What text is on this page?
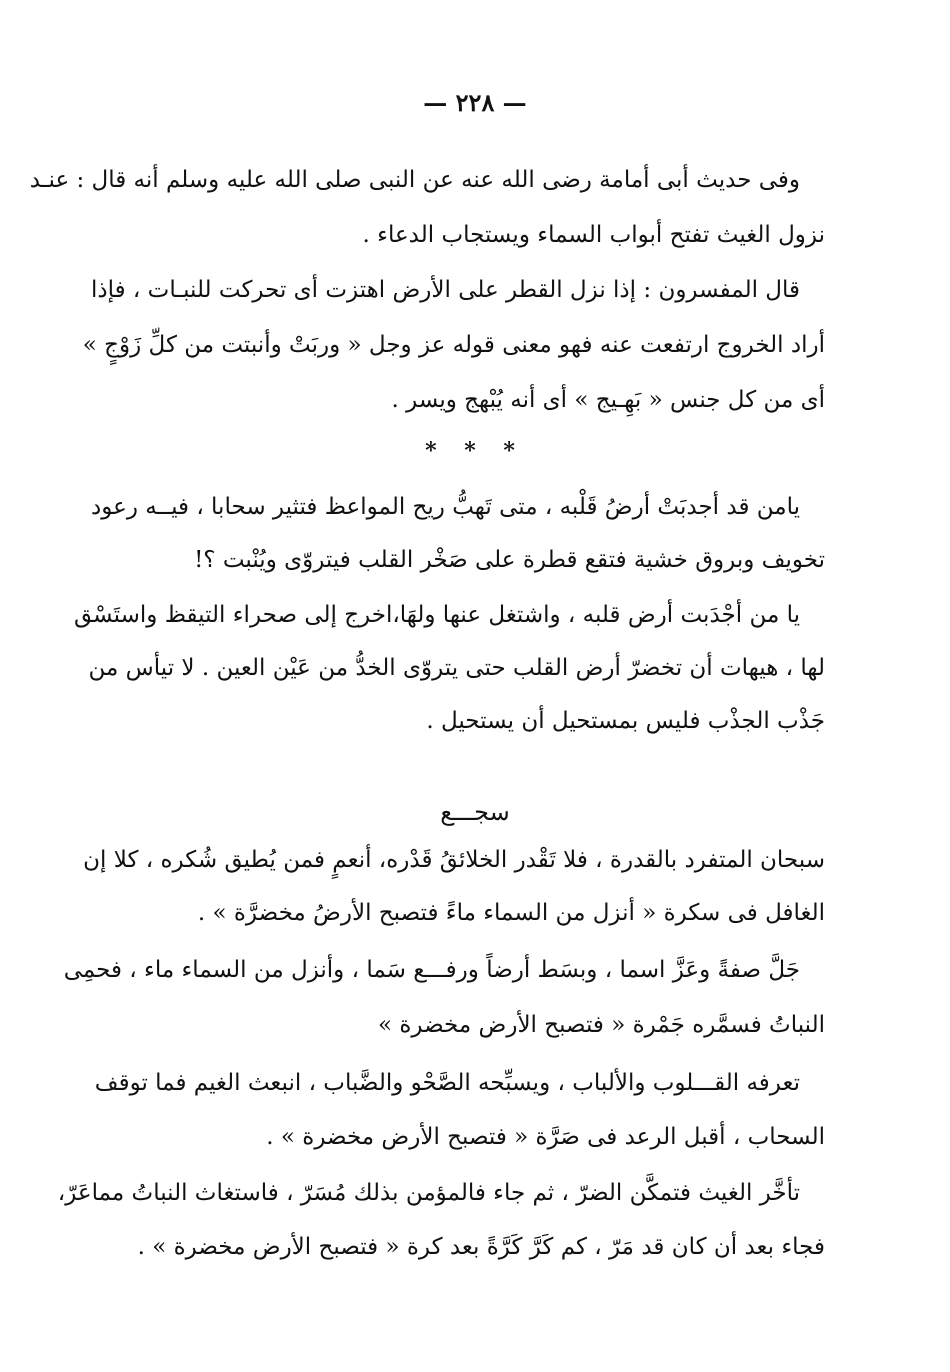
— ٢٢٨ —
وفى حديث أبى أمامة رضى الله عنه عن النبى صلى الله عليه وسلم أنه قال : عنـد
نزول الغيث تفتح أبواب السماء ويستجاب الدعاء .
قال المفسرون : إذا نزل القطر على الأرض اهتزت أى تحركت للنبـات ، فإذا
أراد الخروج ارتفعت عنه فهو معنى قوله عز وجل « وربَتْ وأنبتت من كلِّ زَوْجٍ »
أى من كل جنس « بَهِـيج » أى أنه يُبْهج ويسر .
* * *
يامن قد أجدبَتْ أرضُ قَلْبه ، متى تَهبُّ ريح المواعظ فتثير سحابا ، فيــه رعود
تخويف وبروق خشية فتقع قطرة على صَخْر القلب فيتروّى ويُنْبت ؟!
يا من أجْدَبت أرض قلبه ، واشتغل عنها ولهَا،اخرج إلى صحراء التيقظ واستَسْق
لها ، هيهات أن تخضرّ أرض القلب حتى يتروّى الخدُّ من عَيْن العين . لا تيأس من
جَذْب الجذْب فليس بمستحيل أن يستحيل .
سجـــع
سبحان المتفرد بالقدرة ، فلا تَقْدر الخلائقُ قَدْره، أنعمٍ فمن يُطيق شُكره ، كلا إن
الغافل فى سكرة « أنزل من السماء ماءً فتصبح الأرضُ مخضرَّة » .
جَلَّ صفةً وعَزَّ اسما ، وبسَط أرضاً ورفـــع سَما ، وأنزل من السماء ماء ، فحمِى
النباتُ فسمَّره جَمْرة « فتصبح الأرض مخضرة »
تعرفه القـــلوب والألباب ، ويسبِّحه الصَّحْو والضَّباب ، انبعث الغيم فما توقف
السحاب ، أقبل الرعد فى صَرَّة « فتصبح الأرض مخضرة » .
تأخَّر الغيث فتمكَّن الضرّ ، ثم جاء فالمؤمن بذلك مُسَرّ ، فاستغاث النباتُ مماعَرّ،
فجاء بعد أن كان قد مَرّ ، كم كَرَّ كَرَّةً بعد كرة « فتصبح الأرض مخضرة » .
